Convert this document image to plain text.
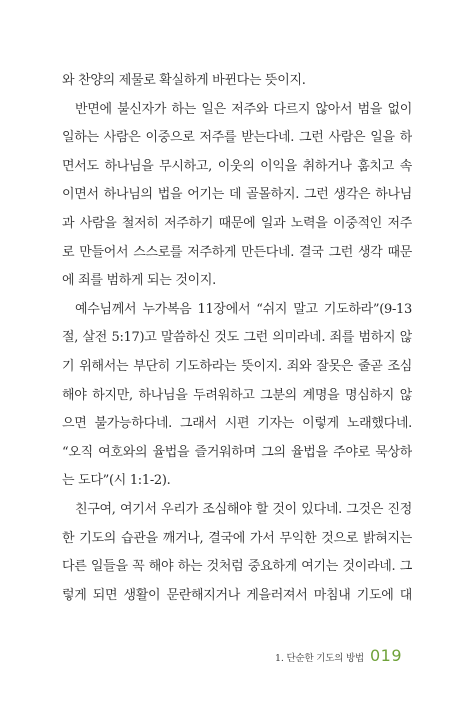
와 찬양의 제물로 확실하게 바뀐다는 뜻이지.
반면에 불신자가 하는 일은 저주와 다르지 않아서 범을 없이
일하는 사람은 이중으로 저주를 받는다네. 그런 사람은 일을 하
면서도 하나님을 무시하고, 이웃의 이익을 취하거나 훔치고 속
이면서 하나님의 법을 어기는 데 골몰하지. 그런 생각은 하나님
과 사람을 철저히 저주하기 때문에 일과 노력을 이중적인 저주
로 만들어서 스스로를 저주하게 만든다네. 결국 그런 생각 때문
에 죄를 범하게 되는 것이지.
예수님께서 누가복음 11장에서 “쉬지 말고 기도하라”(9-13
절, 살전 5:17)고 말씀하신 것도 그런 의미라네. 죄를 범하지 않
기 위해서는 부단히 기도하라는 뜻이지. 죄와 잘못은 줄곧 조심
해야 하지만, 하나님을 두려워하고 그분의 계명을 명심하지 않
으면 불가능하다네. 그래서 시편 기자는 이렇게 노래했다네.
“오직 여호와의 율법을 즐거워하며 그의 율법을 주야로 묵상하
는 도다”(시 1:1-2).
친구여, 여기서 우리가 조심해야 할 것이 있다네. 그것은 진정
한 기도의 습관을 깨거나, 결국에 가서 무익한 것으로 밝혀지는
다른 일들을 꼭 해야 하는 것처럼 중요하게 여기는 것이라네. 그
렇게 되면 생활이 문란해지거나 게을러져서 마침내 기도에 대
1. 단순한 기도의 방법 019
